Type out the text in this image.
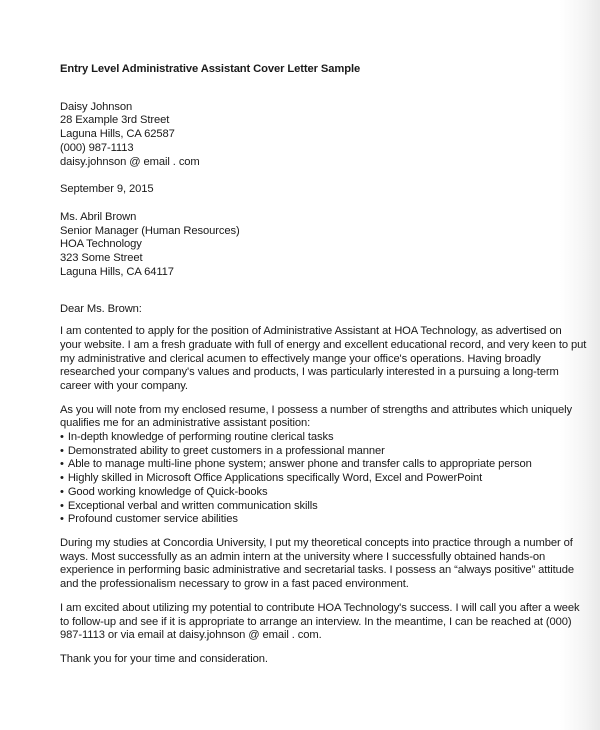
Entry Level Administrative Assistant Cover Letter Sample
Daisy Johnson
28 Example 3rd Street
Laguna Hills, CA 62587
(000) 987-1113
daisy.johnson @ email . com
September 9, 2015
Ms. Abril Brown
Senior Manager (Human Resources)
HOA Technology
323 Some Street
Laguna Hills, CA 64117
Dear Ms. Brown:
I am contented to apply for the position of Administrative Assistant at HOA Technology, as advertised on
your website. I am a fresh graduate with full of energy and excellent educational record, and very keen to put
my administrative and clerical acumen to effectively mange your office's operations. Having broadly
researched your company's values and products, I was particularly interested in a pursuing a long-term
career with your company.
As you will note from my enclosed resume, I possess a number of strengths and attributes which uniquely
qualifies me for an administrative assistant position:
• In-depth knowledge of performing routine clerical tasks
• Demonstrated ability to greet customers in a professional manner
• Able to manage multi-line phone system; answer phone and transfer calls to appropriate person
• Highly skilled in Microsoft Office Applications specifically Word, Excel and PowerPoint
• Good working knowledge of Quick-books
• Exceptional verbal and written communication skills
• Profound customer service abilities
During my studies at Concordia University, I put my theoretical concepts into practice through a number of
ways. Most successfully as an admin intern at the university where I successfully obtained hands-on
experience in performing basic administrative and secretarial tasks. I possess an “always positive” attitude
and the professionalism necessary to grow in a fast paced environment.
I am excited about utilizing my potential to contribute HOA Technology's success. I will call you after a week
to follow-up and see if it is appropriate to arrange an interview. In the meantime, I can be reached at (000)
987-1113 or via email at daisy.johnson @ email . com.
Thank you for your time and consideration.
